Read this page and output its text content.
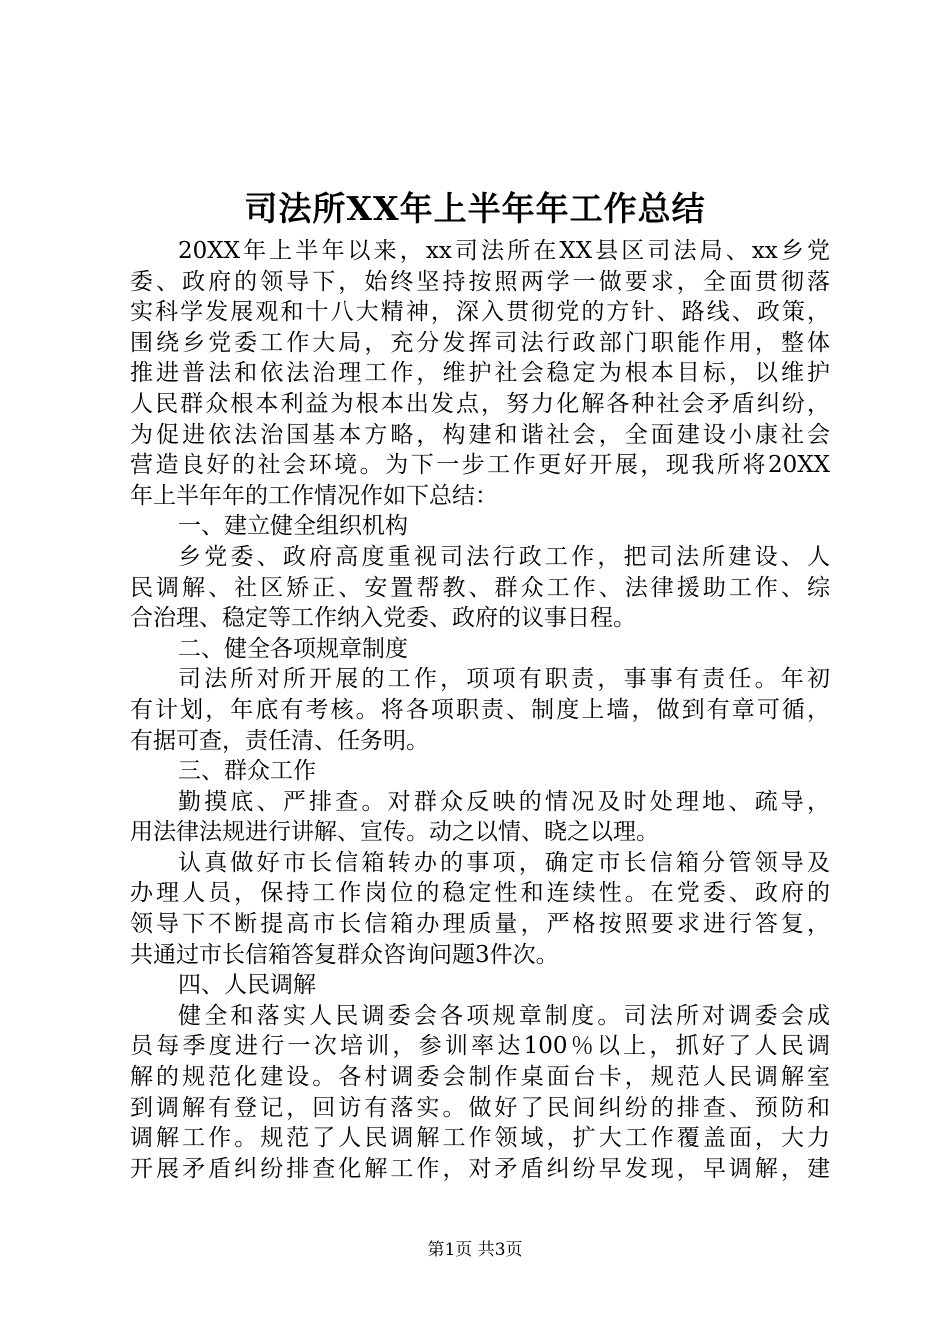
司法所XX年上半年年工作总结
20XX年上半年以来，xx司法所在XX县区司法局、xx乡党
委、政府的领导下，始终坚持按照两学一做要求，全面贯彻落
实科学发展观和十八大精神，深入贯彻党的方针、路线、政策，
围绕乡党委工作大局，充分发挥司法行政部门职能作用，整体
推进普法和依法治理工作，维护社会稳定为根本目标，以维护
人民群众根本利益为根本出发点，努力化解各种社会矛盾纠纷，
为促进依法治国基本方略，构建和谐社会，全面建设小康社会
营造良好的社会环境。为下一步工作更好开展，现我所将20XX
年上半年年的工作情况作如下总结：
一、建立健全组织机构
乡党委、政府高度重视司法行政工作，把司法所建设、人
民调解、社区矫正、安置帮教、群众工作、法律援助工作、综
合治理、稳定等工作纳入党委、政府的议事日程。
二、健全各项规章制度
司法所对所开展的工作，项项有职责，事事有责任。年初
有计划，年底有考核。将各项职责、制度上墙，做到有章可循，
有据可查，责任清、任务明。
三、群众工作
勤摸底、严排查。对群众反映的情况及时处理地、疏导，
用法律法规进行讲解、宣传。动之以情、晓之以理。
认真做好市长信箱转办的事项，确定市长信箱分管领导及
办理人员，保持工作岗位的稳定性和连续性。在党委、政府的
领导下不断提高市长信箱办理质量，严格按照要求进行答复，
共通过市长信箱答复群众咨询问题3件次。
四、人民调解
健全和落实人民调委会各项规章制度。司法所对调委会成
员每季度进行一次培训，参训率达100％以上，抓好了人民调
解的规范化建设。各村调委会制作桌面台卡，规范人民调解室
到调解有登记，回访有落实。做好了民间纠纷的排查、预防和
调解工作。规范了人民调解工作领域，扩大工作覆盖面，大力
开展矛盾纠纷排查化解工作，对矛盾纠纷早发现，早调解，建
第1页 共3页
